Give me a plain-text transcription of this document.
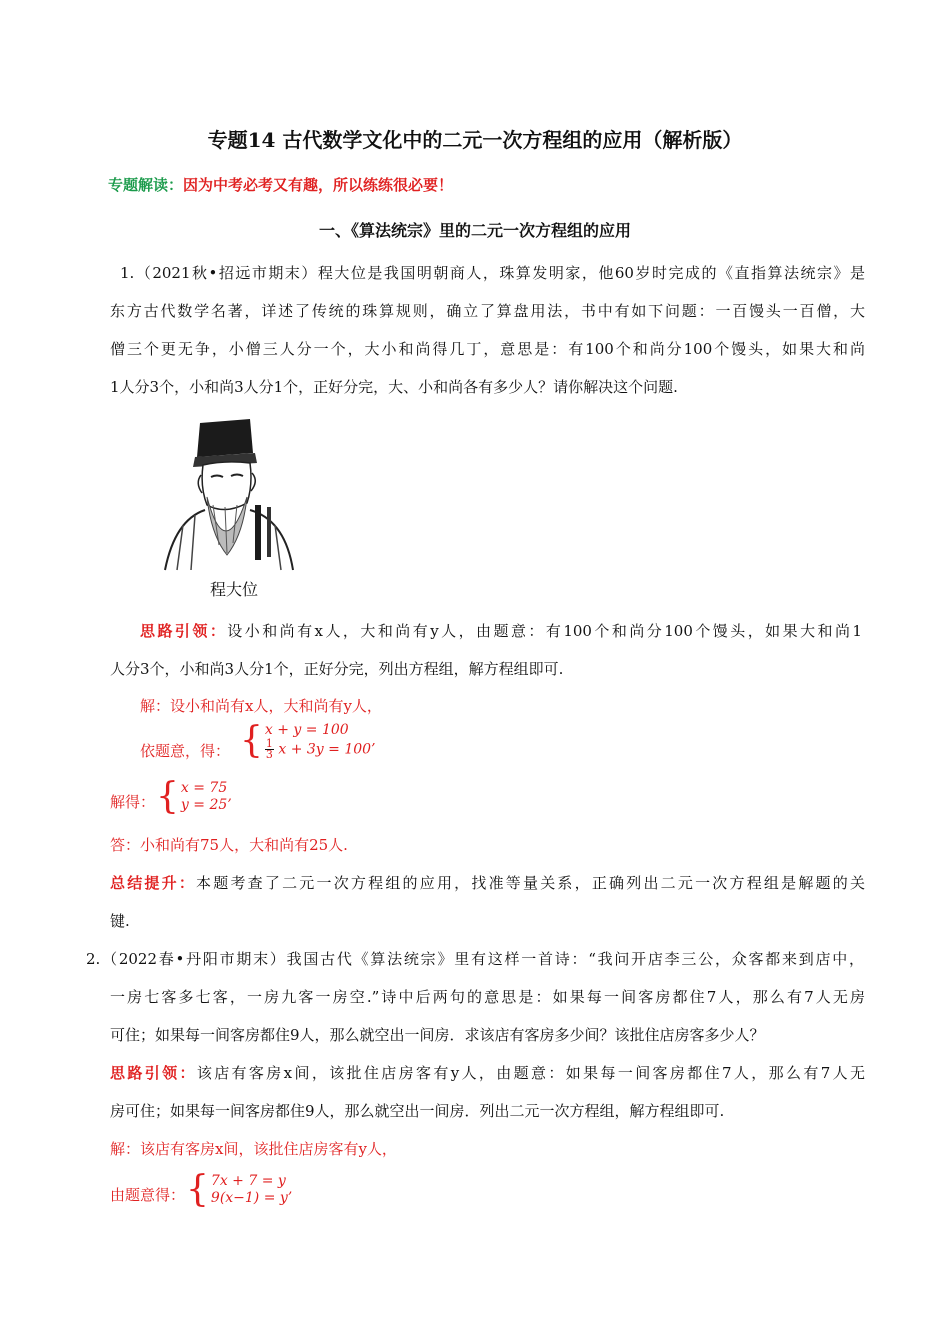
专题14 古代数学文化中的二元一次方程组的应用（解析版）
专题解读：因为中考必考又有趣，所以练练很必要！
一、《算法统宗》里的二元一次方程组的应用
1.（2021秋•招远市期末）程大位是我国明朝商人，珠算发明家，他60岁时完成的《直指算法统宗》是
东方古代数学名著，详述了传统的珠算规则，确立了算盘用法，书中有如下问题：一百馒头一百僧，大
僧三个更无争，小僧三人分一个，大小和尚得几丁，意思是：有100个和尚分100个馒头，如果大和尚
1人分3个，小和尚3人分1个，正好分完，大、小和尚各有多少人？请你解决这个问题.
程大位
思路引领：设小和尚有x人，大和尚有y人，由题意：有100个和尚分100个馒头，如果大和尚1
人分3个，小和尚3人分1个，正好分完，列出方程组，解方程组即可.
解：设小和尚有x人，大和尚有y人，
依题意，得： { x + y = 100
$\frac{1}{3}$ x + 3y = 100’
解得： { x = 75
y = 25’
答：小和尚有75人，大和尚有25人.
总结提升：本题考查了二元一次方程组的应用，找准等量关系，正确列出二元一次方程组是解题的关
键.
2.（2022春•丹阳市期末）我国古代《算法统宗》里有这样一首诗：“我问开店李三公，众客都来到店中，
一房七客多七客，一房九客一房空.”诗中后两句的意思是：如果每一间客房都住7人，那么有7人无房
可住；如果每一间客房都住9人，那么就空出一间房．求该店有客房多少间？该批住店房客多少人？
思路引领：该店有客房x间，该批住店房客有y人，由题意：如果每一间客房都住7人，那么有7人无
房可住；如果每一间客房都住9人，那么就空出一间房．列出二元一次方程组，解方程组即可.
解：该店有客房x间，该批住店房客有y人，
由题意得： { 7x + 7 = y
9(x−1) = y’
